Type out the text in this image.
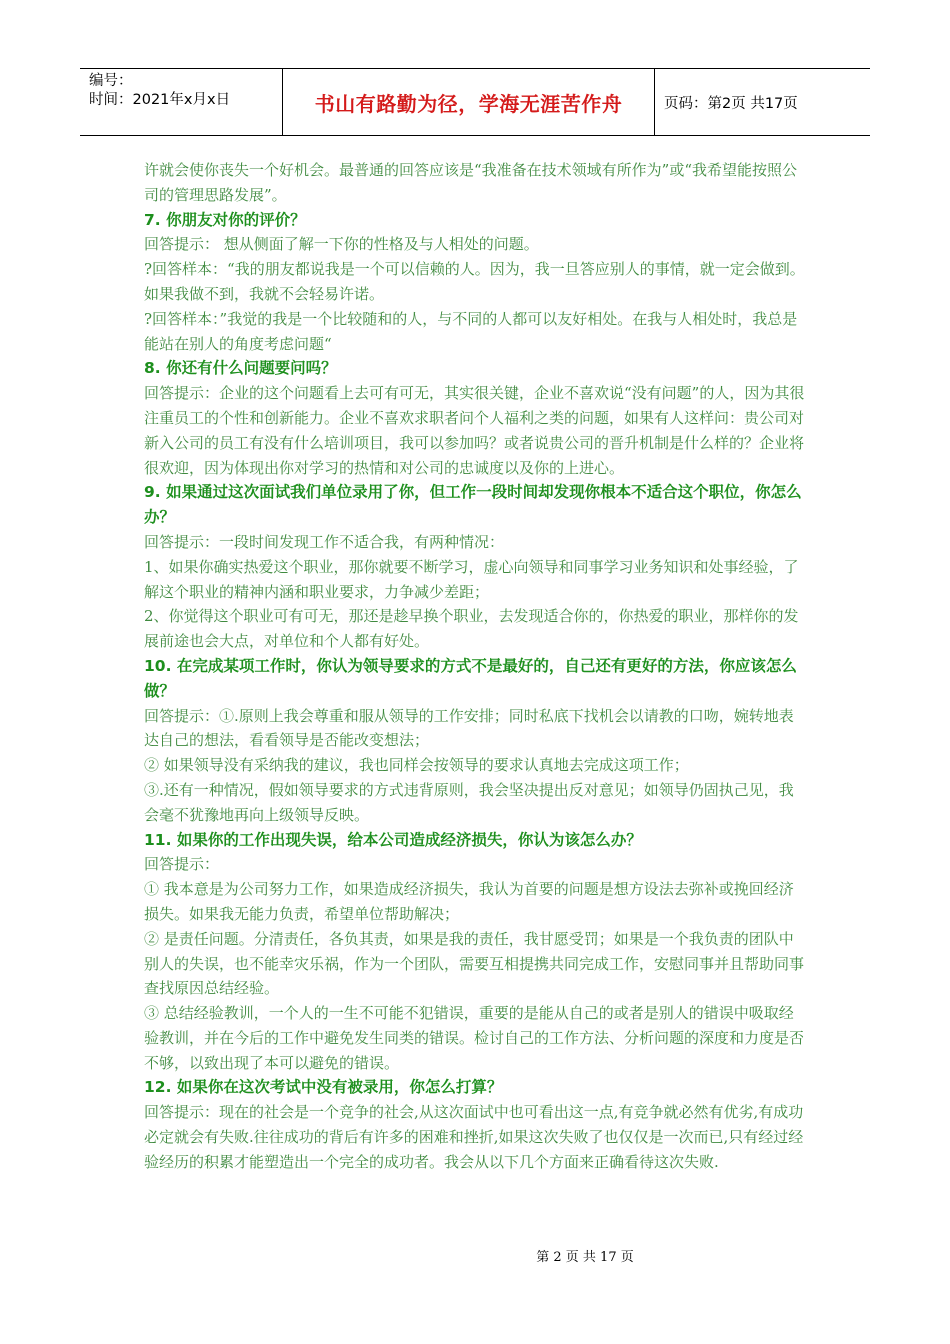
编号：
时间：2021年x月x日	书山有路勤为径，学海无涯苦作舟	页码：第2页 共17页

许就会使你丧失一个好机会。最普通的回答应该是“我准备在技术领域有所作为”或“我希望能按照公司的管理思路发展”。

7. 你朋友对你的评价？

回答提示： 想从侧面了解一下你的性格及与人相处的问题。

?回答样本：“我的朋友都说我是一个可以信赖的人。因为，我一旦答应别人的事情，就一定会做到。如果我做不到，我就不会轻易许诺。

?回答样本：”我觉的我是一个比较随和的人，与不同的人都可以友好相处。在我与人相处时，我总是能站在别人的角度考虑问题“

8. 你还有什么问题要问吗？

回答提示：企业的这个问题看上去可有可无，其实很关键，企业不喜欢说“没有问题”的人，因为其很注重员工的个性和创新能力。企业不喜欢求职者问个人福利之类的问题，如果有人这样问：贵公司对新入公司的员工有没有什么培训项目，我可以参加吗？或者说贵公司的晋升机制是什么样的？企业将很欢迎，因为体现出你对学习的热情和对公司的忠诚度以及你的上进心。

9. 如果通过这次面试我们单位录用了你，但工作一段时间却发现你根本不适合这个职位，你怎么办？

回答提示：一段时间发现工作不适合我，有两种情况：

1、如果你确实热爱这个职业，那你就要不断学习，虚心向领导和同事学习业务知识和处事经验，了解这个职业的精神内涵和职业要求，力争减少差距；

2、你觉得这个职业可有可无，那还是趁早换个职业，去发现适合你的，你热爱的职业，那样你的发展前途也会大点，对单位和个人都有好处。

10. 在完成某项工作时，你认为领导要求的方式不是最好的，自己还有更好的方法，你应该怎么做？

回答提示：①.原则上我会尊重和服从领导的工作安排；同时私底下找机会以请教的口吻，婉转地表达自己的想法，看看领导是否能改变想法；

② 如果领导没有采纳我的建议，我也同样会按领导的要求认真地去完成这项工作；

③.还有一种情况，假如领导要求的方式违背原则，我会坚决提出反对意见；如领导仍固执己见，我会毫不犹豫地再向上级领导反映。

11. 如果你的工作出现失误，给本公司造成经济损失，你认为该怎么办？

回答提示：

① 我本意是为公司努力工作，如果造成经济损失，我认为首要的问题是想方设法去弥补或挽回经济损失。如果我无能力负责，希望单位帮助解决；

② 是责任问题。分清责任，各负其责，如果是我的责任，我甘愿受罚；如果是一个我负责的团队中别人的失误，也不能幸灾乐祸，作为一个团队，需要互相提携共同完成工作，安慰同事并且帮助同事查找原因总结经验。

③ 总结经验教训，一个人的一生不可能不犯错误，重要的是能从自己的或者是别人的错误中吸取经验教训，并在今后的工作中避免发生同类的错误。检讨自己的工作方法、分析问题的深度和力度是否不够，以致出现了本可以避免的错误。

12. 如果你在这次考试中没有被录用，你怎么打算？

回答提示：现在的社会是一个竞争的社会,从这次面试中也可看出这一点,有竞争就必然有优劣,有成功必定就会有失败.往往成功的背后有许多的困难和挫折,如果这次失败了也仅仅是一次而已,只有经过经验经历的积累才能塑造出一个完全的成功者。我会从以下几个方面来正确看待这次失败.

第 2 页 共 17 页
